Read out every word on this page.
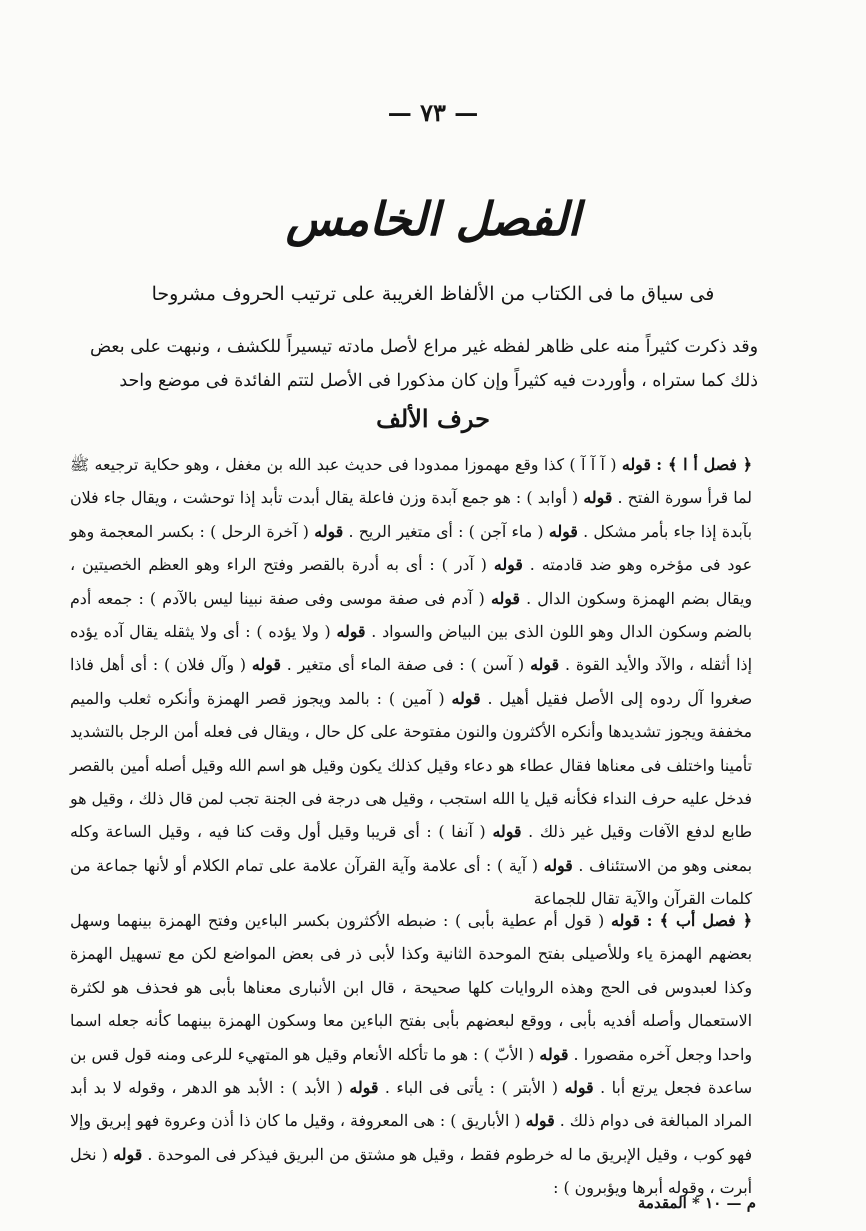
— ٧٣ —
الفصل الخامس
فى سياق ما فى الكتاب من الألفاظ الغريبة على ترتيب الحروف مشروحا
وقد ذكرت كثيراً منه على ظاهر لفظه غير مراع لأصل مادته تيسيراً للكشف ، ونبهت على بعض ذلك كما ستراه ، وأوردت فيه كثيراً وإن كان مذكورا فى الأصل لتتم الفائدة فى موضع واحد
حرف الألف
﴿ فصل أ ا ﴾ : قوله ( آ آ آ ) كذا وقع مهموزا ممدودا فى حديث عبد الله بن مغفل ، وهو حكاية ترجيعه ﷺ لما قرأ سورة الفتح . قوله ( أوابد ) : هو جمع آبدة وزن فاعلة يقال أبدت تأبد إذا توحشت ، ويقال جاء فلان بآبدة إذا جاء بأمر مشكل . قوله ( ماء آجن ) : أى متغير الريح . قوله ( آخرة الرحل ) : بكسر المعجمة وهو عود فى مؤخره وهو ضد قادمته . قوله ( آدر ) : أى به أدرة بالقصر وفتح الراء وهو العظم الخصيتين ، ويقال بضم الهمزة وسكون الدال . قوله ( آدم فى صفة موسى وفى صفة نبينا ليس بالآدم ) : جمعه أدم بالضم وسكون الدال وهو اللون الذى بين البياض والسواد . قوله ( ولا يؤده ) : أى ولا يثقله يقال آده يؤده إذا أثقله ، والآد والأيد القوة . قوله ( آسن ) : فى صفة الماء أى متغير . قوله ( وآل فلان ) : أى أهل فاذا صغروا آل ردوه إلى الأصل فقيل أهيل . قوله ( آمين ) : بالمد ويجوز قصر الهمزة وأنكره ثعلب والميم مخففة ويجوز تشديدها وأنكره الأكثرون والنون مفتوحة على كل حال ، ويقال فى فعله أمن الرجل بالتشديد تأمينا واختلف فى معناها فقال عطاء هو دعاء وقيل كذلك يكون وقيل هو اسم الله وقيل أصله أمين بالقصر فدخل عليه حرف النداء فكأنه قيل يا الله استجب ، وقيل هى درجة فى الجنة تجب لمن قال ذلك ، وقيل هو طابع لدفع الآفات وقيل غير ذلك . قوله ( آنفا ) : أى قريبا وقيل أول وقت كنا فيه ، وقيل الساعة وكله بمعنى وهو من الاستئناف . قوله ( آية ) : أى علامة وآية القرآن علامة على تمام الكلام أو لأنها جماعة من كلمات القرآن والآية تقال للجماعة
﴿ فصل أب ﴾ : قوله ( قول أم عطية بأبى ) : ضبطه الأكثرون بكسر الباءين وفتح الهمزة بينهما وسهل بعضهم الهمزة ياء وللأصيلى بفتح الموحدة الثانية وكذا لأبى ذر فى بعض المواضع لكن مع تسهيل الهمزة وكذا لعبدوس فى الحج وهذه الروايات كلها صحيحة ، قال ابن الأنبارى معناها بأبى هو فحذف هو لكثرة الاستعمال وأصله أفديه بأبى ، ووقع لبعضهم بأبى بفتح الباءين معا وسكون الهمزة بينهما كأنه جعله اسما واحدا وجعل آخره مقصورا . قوله ( الأبّ ) : هو ما تأكله الأنعام وقيل هو المتهيء للرعى ومنه قول قس بن ساعدة فجعل يرتع أبا . قوله ( الأبتر ) : يأتى فى الباء . قوله ( الأبد ) : الأبد هو الدهر ، وقوله لا بد أبد المراد المبالغة فى دوام ذلك . قوله ( الأباريق ) : هى المعروفة ، وقيل ما كان ذا أذن وعروة فهو إبريق وإلا فهو كوب ، وقيل الإبريق ما له خرطوم فقط ، وقيل هو مشتق من البريق فيذكر فى الموحدة . قوله ( نخل أبرت ، وقوله أبرها ويؤبرون ) :
م — ١٠ * المقدمة
